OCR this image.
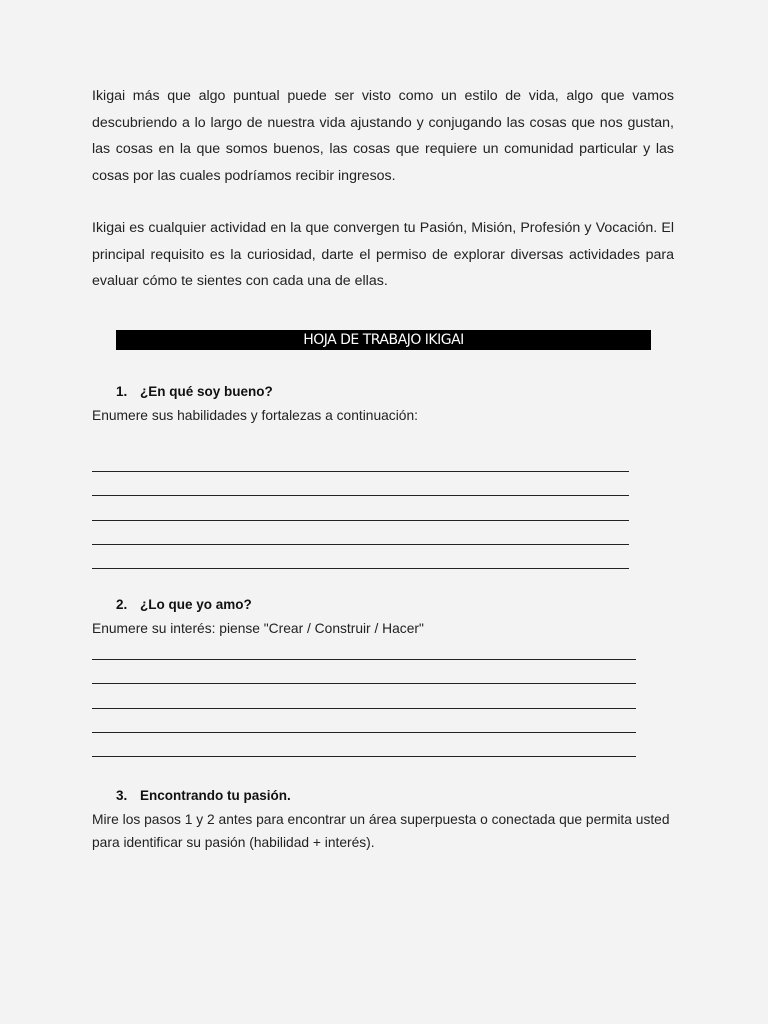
Ikigai más que algo puntual puede ser visto como un estilo de vida, algo que vamos descubriendo a lo largo de nuestra vida ajustando y conjugando las cosas que nos gustan, las cosas en la que somos buenos, las cosas que requiere un comunidad particular y las cosas por las cuales podríamos recibir ingresos.

Ikigai es cualquier actividad en la que convergen tu Pasión, Misión, Profesión y Vocación. El principal requisito es la curiosidad, darte el permiso de explorar diversas actividades para evaluar cómo te sientes con cada una de ellas.

HOJA DE TRABAJO IKIGAI
1. ¿En qué soy bueno?
Enumere sus habilidades y fortalezas a continuación:
2. ¿Lo que yo amo?
Enumere su interés: piense "Crear / Construir / Hacer"
3. Encontrando tu pasión.
Mire los pasos 1 y 2 antes para encontrar un área superpuesta o conectada que permita usted para identificar su pasión (habilidad + interés).
